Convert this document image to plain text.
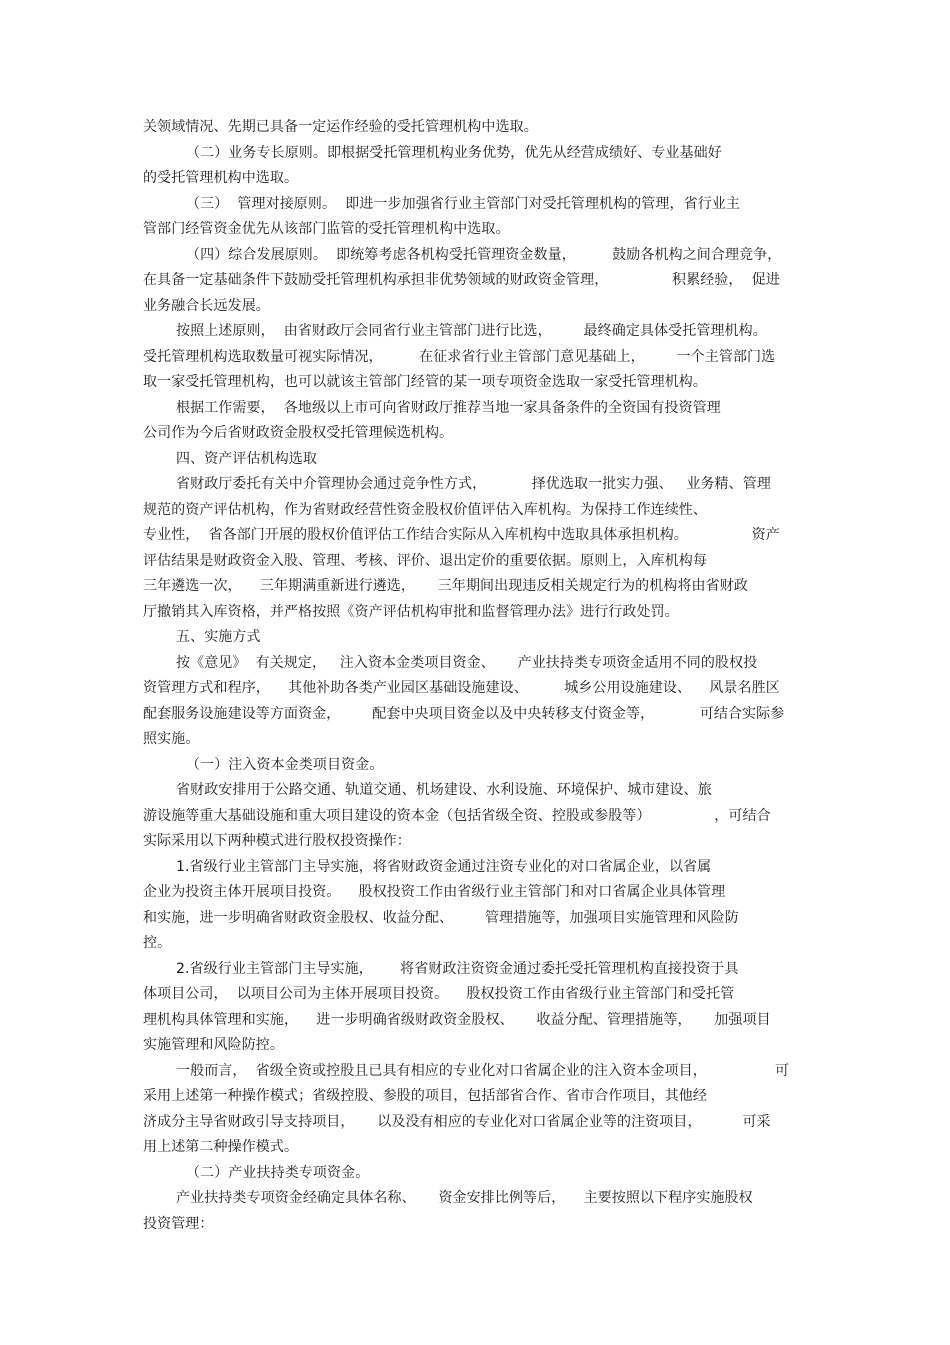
关领域情况、先期已具备一定运作经验的受托管理机构中选取。
（二）业务专长原则。即根据受托管理机构业务优势，优先从经营成绩好、专业基础好
的受托管理机构中选取。
（三）  管理对接原则。  即进一步加强省行业主管部门对受托管理机构的管理，省行业主
管部门经管资金优先从该部门监管的受托管理机构中选取。
（四）综合发展原则。  即统筹考虑各机构受托管理资金数量，        鼓励各机构之间合理竞争，
在具备一定基础条件下鼓励受托管理机构承担非优势领域的财政资金管理，              积累经验，  促进
业务融合长远发展。
按照上述原则，  由省财政厅会同省行业主管部门进行比选，       最终确定具体受托管理机构。
受托管理机构选取数量可视实际情况，        在征求省行业主管部门意见基础上，       一个主管部门选
取一家受托管理机构，也可以就该主管部门经管的某一项专项资金选取一家受托管理机构。
根据工作需要，  各地级以上市可向省财政厅推荐当地一家具备条件的全资国有投资管理
公司作为今后省财政资金股权受托管理候选机构。
四、资产评估机构选取
省财政厅委托有关中介管理协会通过竞争性方式，          择优选取一批实力强、   业务精、管理
规范的资产评估机构，作为省财政经营性资金股权价值评估入库机构。为保持工作连续性、
专业性，  省各部门开展的股权价值评估工作结合实际从入库机构中选取具体承担机构。              资产
评估结果是财政资金入股、管理、考核、评价、退出定价的重要依据。原则上，入库机构每
三年遴选一次，    三年期满重新进行遴选，     三年期间出现违反相关规定行为的机构将由省财政
厅撤销其入库资格，并严格按照《资产评估机构审批和监督管理办法》进行行政处罚。
五、实施方式
按《意见》  有关规定，   注入资本金类项目资金、     产业扶持类专项资金适用不同的股权投
资管理方式和程序，    其他补助各类产业园区基础设施建设、        城乡公用设施建设、    风景名胜区
配套服务设施建设等方面资金，       配套中央项目资金以及中央转移支付资金等，          可结合实际参
照实施。
（一）注入资本金类项目资金。
省财政安排用于公路交通、轨道交通、机场建设、水利设施、环境保护、城市建设、旅
游设施等重大基础设施和重大项目建设的资本金（包括省级全资、控股或参股等）              ，可结合
实际采用以下两种模式进行股权投资操作：
1.省级行业主管部门主导实施，将省财政资金通过注资专业化的对口省属企业，以省属
企业为投资主体开展项目投资。    股权投资工作由省级行业主管部门和对口省属企业具体管理
和实施，进一步明确省财政资金股权、收益分配、       管理措施等，加强项目实施管理和风险防
控。
2.省级行业主管部门主导实施，      将省财政注资资金通过委托受托管理机构直接投资于具
体项目公司，  以项目公司为主体开展项目投资。    股权投资工作由省级行业主管部门和受托管
理机构具体管理和实施，    进一步明确省级财政资金股权、     收益分配、管理措施等，     加强项目
实施管理和风险防控。
一般而言，  省级全资或控股且已具有相应的专业化对口省属企业的注入资本金项目，               可
采用上述第一种操作模式；省级控股、参股的项目，包括部省合作、省市合作项目，其他经
济成分主导省财政引导支持项目，     以及没有相应的专业化对口省属企业等的注资项目，         可采
用上述第二种操作模式。
（二）产业扶持类专项资金。
产业扶持类专项资金经确定具体名称、     资金安排比例等后，    主要按照以下程序实施股权
投资管理：
